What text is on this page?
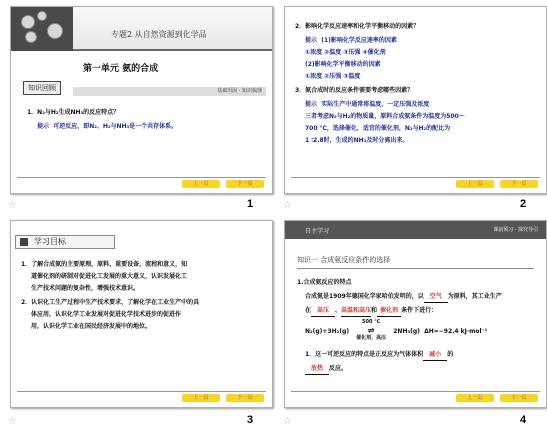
专题2 从自然资源到化学品
第一单元 氨的合成
知识回顾	基础巩固 · 知识梳理
1．N₂与H₂生成NH₃的反应特点？
提示 可逆反应，即N₂、H₂与NH₃是一个共存体系。
上一页	下一页
☆	1
2．影响化学反应速率和化学平衡移动的因素？
提示 (1)影响化学反应速率的因素
①浓度 ②温度 ③压强 ④催化剂
(2)影响化学平衡移动的因素
①浓度 ②压强 ③温度
3．氨合成时的反应条件需要考虑哪些因素？
提示 实际生产中通常将温度、一定压强及浓度
三者考虑N₂与H₂的物质量，原料合成氨条件为温度为500～
700 ℃，选择催化，适宜的催化剂，N₂与H₂的配比为
1 ∶2.8时，生成的NH₃及时分离出来。
上一页	下一页
☆	2
学习目标
1．了解合成氨的主要原理、原料、重要设备、流程和意义，知
道催化剂的研制对促进化工发展的重大意义，认识发展化工
生产技术问题的复杂性，增强技术意识。
2．认识化工生产过程中生产技术要求，了解化学在工业生产中的具
体应用，认识化学工业发展对促进化学技术进步的促进作
用，认识化学工业在国民经济发展中的地位。
上一页	下一页
☆	3
自主学习	课前预习 · 探究导引
知识一 合成氨反应条件的选择
1.合成氨反应的特点
合成氨是1909年德国化学家哈伯发明的，以 空气 为原料，其工业生产
在 高压 、高温和高压和 催化剂 条件下进行：
N₂(g)+3H₂(g)
500 ℃
⇌
催化剂、高压
2NH₃(g) ΔH=−92.4 kJ·mol⁻¹
1．这一可逆反应的特点是正反应为气体体积 减小 的
放热 反应。
上一页	下一页
☆	4
